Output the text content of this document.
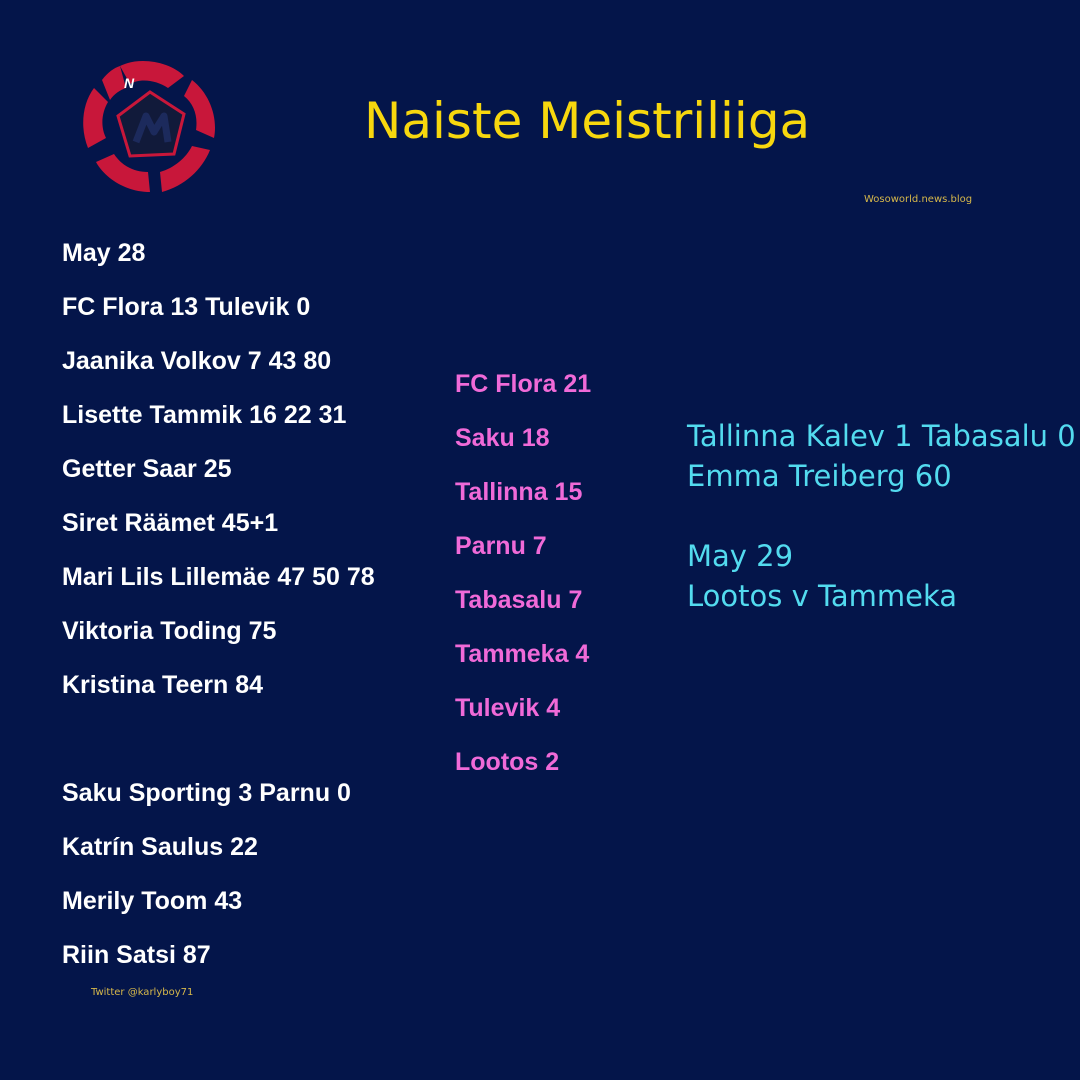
N
Naiste Meistriliiga
Wosoworld.news.blog
May 28
FC Flora 13 Tulevik 0
Jaanika Volkov 7 43 80
Lisette Tammik 16 22 31
Getter Saar 25
Siret Räämet 45+1
Mari Lils Lillemäe 47 50 78
Viktoria Toding 75
Kristina Teern 84
Saku Sporting 3 Parnu 0
Katrín Saulus 22
Merily Toom 43
Riin Satsi 87
FC Flora 21
Saku 18
Tallinna 15
Parnu 7
Tabasalu 7
Tammeka 4
Tulevik 4
Lootos 2
Tallinna Kalev 1 Tabasalu 0
Emma Treiberg 60
May 29
Lootos v Tammeka
Twitter @karlyboy71
